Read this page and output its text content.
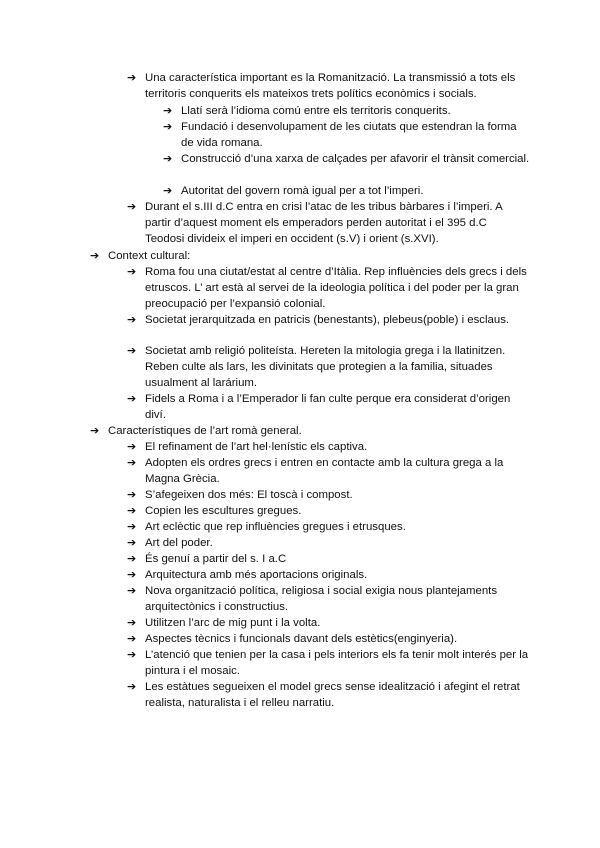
➔ Una característica important es la Romanització. La transmissió a tots els territoris conquerits els mateixos trets polítics econòmics i socials.
➔ Llatí serà l’idioma comú entre els territoris conquerits.
➔ Fundació i desenvolupament de les ciutats que estendran la forma de vida romana.
➔ Construcció d’una xarxa de calçades per afavorir el trànsit comercial.
➔ Autoritat del govern romà igual per a tot l’imperi.
➔ Durant el s.III d.C entra en crisi l’atac de les tribus bàrbares i l’imperi. A partir d’aquest moment els emperadors perden autoritat i el 395 d.C Teodosi divideix el imperi en occident (s.V) i orient (s.XVI).
➔ Context cultural:
➔ Roma fou una ciutat/estat al centre d’Itàlia. Rep influències dels grecs i dels etruscos. L’ art està al servei de la ideologia política i del poder per la gran preocupació per l’expansió colonial.
➔ Societat jerarquitzada en patricis (benestants), plebeus(poble) i esclaus.
➔ Societat amb religió politeísta. Hereten la mitologia grega i la llatinitzen. Reben culte als lars, les divinitats que protegien a la familia, situades usualment al larárium.
➔ Fidels a Roma i a l’Emperador li fan culte perque era considerat d’origen diví.
➔ Característiques de l’art romà general.
➔ El refinament de l’art hel·lenístic els captiva.
➔ Adopten els ordres grecs i entren en contacte amb la cultura grega a la Magna Grècia.
➔ S’afegeixen dos més: El toscà i compost.
➔ Copien les escultures gregues.
➔ Art eclèctic que rep influències gregues i etrusques.
➔ Art del poder.
➔ És genuí a partir del s. I a.C
➔ Arquitectura amb més aportacions originals.
➔ Nova organització política, religiosa i social exigia nous plantejaments arquitectònics i constructius.
➔ Utilitzen l’arc de mig punt i la volta.
➔ Aspectes tècnics i funcionals davant dels estètics(enginyeria).
➔ L’atenció que tenien per la casa i pels interiors els fa tenir molt interés per la pintura i el mosaic.
➔ Les estàtues segueixen el model grecs sense idealització i afegint el retrat realista, naturalista i el relleu narratiu.
